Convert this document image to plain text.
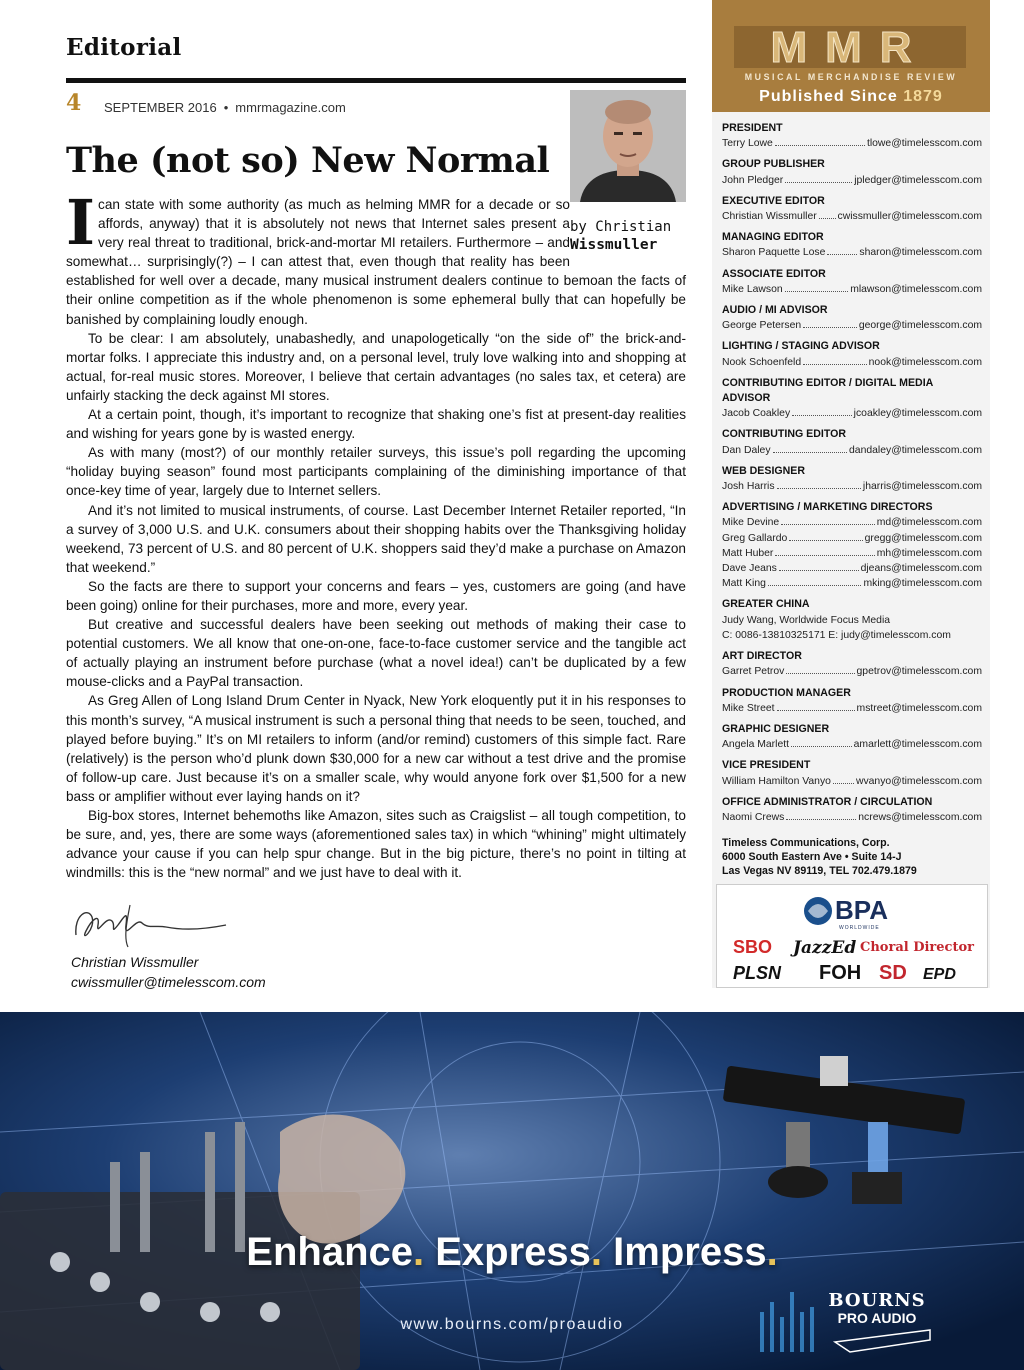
Editorial
4 SEPTEMBER 2016 • mmrmagazine.com
The (not so) New Normal
by Christian
Wissmuller

I can state with some authority (as much as helming MMR for a decade or so affords, anyway) that it is absolutely not news that Internet sales present a very real threat to traditional, brick-and-mortar MI retailers. Furthermore – and somewhat… surprisingly(?) – I can attest that, even though that reality has been established for well over a decade, many musical instrument dealers continue to bemoan the facts of their online competition as if the whole phenomenon is some ephemeral bully that can hopefully be banished by complaining loudly enough.

To be clear: I am absolutely, unabashedly, and unapologetically “on the side of” the brick-and-mortar folks. I appreciate this industry and, on a personal level, truly love walking into and shopping at actual, for-real music stores. Moreover, I believe that certain advantages (no sales tax, et cetera) are unfairly stacking the deck against MI stores.

At a certain point, though, it’s important to recognize that shaking one’s fist at present-day realities and wishing for years gone by is wasted energy.

As with many (most?) of our monthly retailer surveys, this issue’s poll regarding the upcoming “holiday buying season” found most participants complaining of the diminishing importance of that once-key time of year, largely due to Internet sellers.

And it’s not limited to musical instruments, of course. Last December Internet Retailer reported, “In a survey of 3,000 U.S. and U.K. consumers about their shopping habits over the Thanksgiving holiday weekend, 73 percent of U.S. and 80 percent of U.K. shoppers said they’d make a purchase on Amazon that weekend.”

So the facts are there to support your concerns and fears – yes, customers are going (and have been going) online for their purchases, more and more, every year.

But creative and successful dealers have been seeking out methods of making their case to potential customers. We all know that one-on-one, face-to-face customer service and the tangible act of actually playing an instrument before purchase (what a novel idea!) can’t be duplicated by a few mouse-clicks and a PayPal transaction.

As Greg Allen of Long Island Drum Center in Nyack, New York eloquently put it in his responses to this month’s survey, “A musical instrument is such a personal thing that needs to be seen, touched, and played before buying.” It’s on MI retailers to inform (and/or remind) customers of this simple fact. Rare (relatively) is the person who’d plunk down $30,000 for a new car without a test drive and the promise of follow-up care. Just because it’s on a smaller scale, why would anyone fork over $1,500 for a new bass or amplifier without ever laying hands on it?

Big-box stores, Internet behemoths like Amazon, sites such as Craigslist – all tough competition, to be sure, and, yes, there are some ways (aforementioned sales tax) in which “whining” might ultimately advance your cause if you can help spur change. But in the big picture, there’s no point in tilting at windmills: this is the “new normal” and we just have to deal with it.

Christian Wissmuller
cwissmuller@timelesscom.com
MMR
MUSICAL MERCHANDISE REVIEW
Published Since 1879
PRESIDENT
Terry Lowe	tlowe@timelesscom.com
GROUP PUBLISHER
John Pledger	jpledger@timelesscom.com
EXECUTIVE EDITOR
Christian Wissmuller cwissmuller@timelesscom.com
MANAGING EDITOR
Sharon Paquette Lose	sharon@timelesscom.com
ASSOCIATE EDITOR
Mike Lawson	mlawson@timelesscom.com
AUDIO / MI ADVISOR
George Petersen	george@timelesscom.com
LIGHTING / STAGING ADVISOR
Nook Schoenfeld	nook@timelesscom.com
CONTRIBUTING EDITOR / DIGITAL MEDIA ADVISOR
Jacob Coakley	jcoakley@timelesscom.com
CONTRIBUTING EDITOR
Dan Daley	dandaley@timelesscom.com
WEB DESIGNER
Josh Harris	jharris@timelesscom.com
ADVERTISING / MARKETING DIRECTORS
Mike Devine	md@timelesscom.com
Greg Gallardo	gregg@timelesscom.com
Matt Huber	mh@timelesscom.com
Dave Jeans	djeans@timelesscom.com
Matt King	mking@timelesscom.com
GREATER CHINA
Judy Wang, Worldwide Focus Media
C: 0086-13810325171 E: judy@timelesscom.com
ART DIRECTOR
Garret Petrov	gpetrov@timelesscom.com
PRODUCTION MANAGER
Mike Street	mstreet@timelesscom.com
GRAPHIC DESIGNER
Angela Marlett	amarlett@timelesscom.com
VICE PRESIDENT
William Hamilton Vanyo wvanyo@timelesscom.com
OFFICE ADMINISTRATOR / CIRCULATION
Naomi Crews	ncrews@timelesscom.com
Timeless Communications, Corp.
6000 South Eastern Ave • Suite 14-J
Las Vegas NV 89119, TEL 702.479.1879
BPA
WORLDWIDE
SBO JazzEd Choral Director
PLSN FOH SD EPD
Enhance. Express. Impress.
www.bourns.com/proaudio
BOURNS
PRO AUDIO
